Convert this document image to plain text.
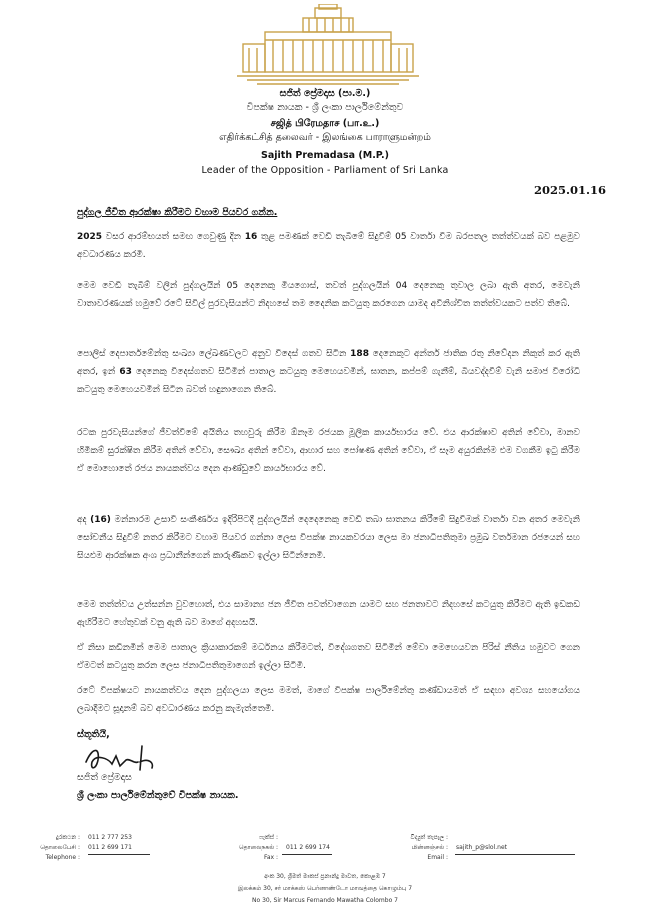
සජිත් ප්‍රේමදාස (පා.ම.)
විපක්ෂ නායක - ශ්‍රී ලංකා පාර්ලිමේන්තුව
சஜித் பிரேமதாச (பா.உ.)
எதிர்க்கட்சித் தலைவர் - இலங்கை பாராளுமன்றம்
Sajith Premadasa (M.P.)
Leader of the Opposition - Parliament of Sri Lanka
2025.01.16
පුද්ගල ජීවිත ආරක්ෂා කිරීමට වහාම පියවර ගන්න.

2025 වසර ආරම්භයත් සමඟ ගෙවුණු දින 16 තුළ පමණක් වෙඩි තැබීමේ සිදුවීම් 05 වාර්තා වීම බරපතල තත්ත්වයක් බව පළමුව අවධාරණය කරමි.

මෙම වෙඩි තැබීම් වලින් පුද්ගලයින් 05 දෙනෙකු මියගොස්, තවත් පුද්ගලයින් 04 දෙනෙකු තුවාල ලබා ඇති අතර, මෙවැනි වාතාවරණයක් හමුවේ රටේ සිවිල් පුරවැසියන්ට නිදහසේ තම දෛනික කටයුතු කරගෙන යාමද අවිනිශ්චිත තත්ත්වයකට පත්ව තිබේ.

පොලිස් දෙපාර්තමේන්තු සංඛ්‍යා ලේඛණවලට අනුව විදෙස් ගතව සිටින 188 දෙනෙකුට අන්තර් ජාතික රතු නිවේදන නිකුත් කර ඇති අතර, ඉන් 63 දෙනෙකු විදෙස්ගතව සිටිමින් පාතාල කටයුතු මෙහෙයවමින්, ඝාතන, කප්පම් ගැනීම්, බියවද්දවීම් වැනි සමාජ විරෝධී කටයුතු මෙහෙයවමින් සිටින බවත් හඳුනාගෙන තිබේ.

රටක පුරවැසියන්ගේ ජීවත්වීමේ අයිතිය තහවුරු කිරීම ඕනෑම රජයක මූලික කාර්යභාරය වේ. එය ආරක්ෂාව අතින් වේවා, මානව හිමිකම් සුරක්ෂිත කිරීම අතින් වේවා, සෞඛ්‍ය අතින් වේවා, ආහාර සහ පෝෂණ අතින් වේවා, ඒ සෑම අයුරකින්ම එම වගකීම ඉටු කිරීම ඒ මොහොතේ රජය නායකත්වය දෙන ආණ්ඩුවේ කාර්යභාරය වේ.

අද (16) මන්නාරම උසාවි සංකීර්ණය ඉදිරිපිටදී පුද්ගලයින් දෙදෙනෙකු වෙඩි තබා ඝාතනය කිරීමේ සිදුවීමක් වාර්තා වන අතර මෙවැනි සෝචනීය සිදුවීම් නතර කිරීමට වහාම පියවර ගන්නා ලෙස විපක්ෂ නායකවරයා ලෙස මා ජනාධිපතිතුමා ප්‍රමුඛ වර්තමාන රජයෙන් සහ සියළුම ආරක්ෂක අංශ ප්‍රධානීන්ගෙන් කාරුණිකව ඉල්ලා සිටින්නෙමි.

මෙම තත්ත්වය උත්සන්න වුවහොත්, එය සාමාන්‍ය ජන ජීවිත පවත්වාගෙන යාමට සහ ජනතාවට නිදහසේ කටයුතු කිරීමට ඇති ඉඩකඩ ඇහිරීමට හේතුවක් වනු ඇති බව මාගේ අදහසයි.

ඒ නිසා කඩිනමින් මෙම පාතාල ක්‍රියාකාරකම් මර්ධනය කිරීමටත්, විදේශගතව සිටිමින් මේවා මෙහෙයවන පිරිස් නීතිය හමුවට ගෙන ඒමටත් කටයුතු කරන ලෙස ජනාධිපතිතුමාගෙන් ඉල්ලා සිටිමි.

රටේ විපක්ෂයට නායකත්වය දෙන පුද්ගලයා ලෙස මමත්, මාගේ විපක්ෂ පාර්ලිමේන්තු කණ්ඩායමත් ඒ සඳහා අවශ්‍ය සහයෝගය ලබාදීමට සූදානම් බව අවධාරණය කරනු කැමැත්තෙමි.

ස්තූතියි,
සජිත් ප්‍රේමදාස
ශ්‍රී ලංකා පාර්ලිමේන්තුවේ විපක්ෂ නායක.
දුරකථන : 011 2 777 253
தொலைபேசி : 011 2 699 171
Telephone :
ෆැක්ස් :
தொலைநகல் : 011 2 699 174
Fax :
විද්‍යුත් තැපෑල :
மின்னஞ்சல் : sajith_p@slol.net
Email :
අංක 30, ශ්‍රීමත් මාකස් ප්‍රනාන්දු මාවත, කොළඹ 7
இலக்கம் 30, சர் மாக்கஸ் பெர்னாண்டோ மாவத்தை கொழும்பு 7
No 30, Sir Marcus Fernando Mawatha Colombo 7
